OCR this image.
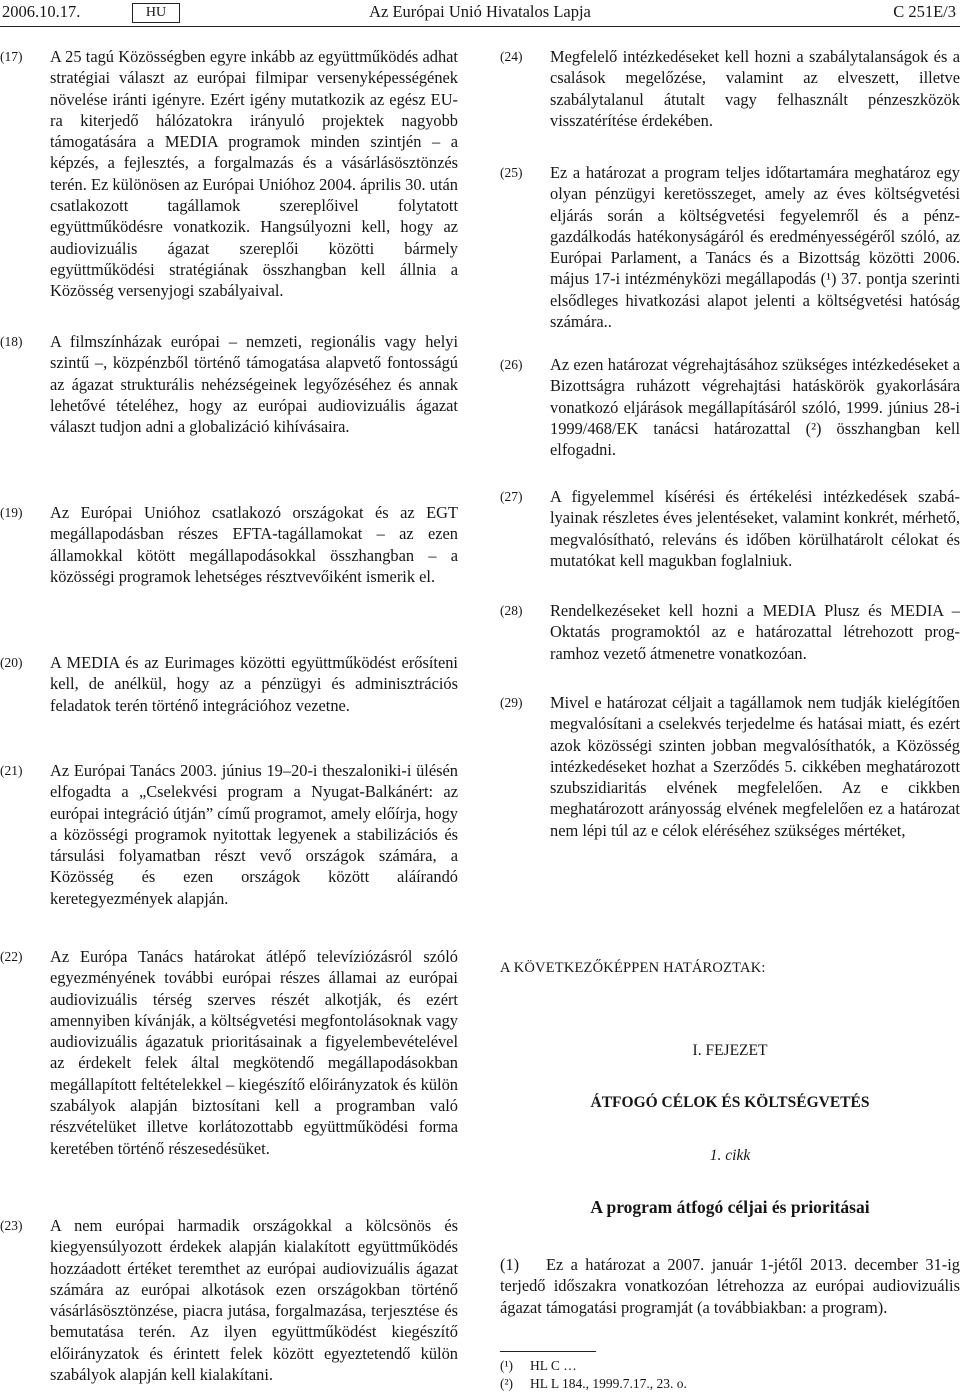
2006.10.17.	HU	Az Európai Unió Hivatalos Lapja	C 251E/3
(17)	A 25 tagú Közösségben egyre inkább az együttműködés adhat stratégiai választ az európai filmipar versenyképességének növelése iránti igényre. Ezért igény mutatkozik az egész EU-ra kiterjedő hálózatokra irányuló projektek nagyobb támogatására a MEDIA programok minden szintjén – a képzés, a fejlesztés, a forgalmazás és a vásárlásösztönzés terén. Ez különösen az Európai Unióhoz 2004. április 30. után csatlakozott tagállamok szereplőivel folytatott együttműködésre vonatkozik. Hangsúlyozni kell, hogy az audiovizuális ágazat szereplői közötti bármely együttműködési stratégiának összhangban kell állnia a Közösség versenyjogi szabályaival.
(18)	A filmszínházak európai – nemzeti, regionális vagy helyi szintű –, közpénzből történő támogatása alapvető fontosságú az ágazat strukturális nehézségeinek legyőzéséhez és annak lehetővé tételéhez, hogy az európai audiovizuális ágazat választ tudjon adni a globalizáció kihívásaira.
(19)	Az Európai Unióhoz csatlakozó országokat és az EGT megállapodásban részes EFTA-tagállamokat – az ezen államokkal kötött megállapodásokkal összhangban – a közösségi programok lehetséges résztvevőiként ismerik el.
(20)	A MEDIA és az Eurimages közötti együttműködést erősíteni kell, de anélkül, hogy az a pénzügyi és adminisztrációs feladatok terén történő integrációhoz vezetne.
(21)	Az Európai Tanács 2003. június 19–20-i theszaloniki-i ülésén elfogadta a „Cselekvési program a Nyugat-Balkánért: az európai integráció útján” című programot, amely előírja, hogy a közösségi programok nyitottak legyenek a stabilizációs és társulási folyamatban részt vevő országok számára, a Közösség és ezen országok között aláírandó keretegyezmények alapján.
(22)	Az Európa Tanács határokat átlépő televíziózásról szóló egyezményének további európai részes államai az európai audiovizuális térség szerves részét alkotják, és ezért amennyiben kívánják, a költségvetési megfontolásoknak vagy audiovizuális ágazatuk prioritásainak a figyelembevételével az érdekelt felek által megkötendő megállapodásokban megállapított feltételekkel – kiegészítő előirányzatok és külön szabályok alapján biztosítani kell a programban való részvételüket illetve korlátozottabb együttműködési forma keretében történő részesedésüket.
(23)	A nem európai harmadik országokkal a kölcsönös és kiegyensúlyozott érdekek alapján kialakított együttműködés hozzáadott értéket teremthet az európai audiovizuális ágazat számára az európai alkotások ezen országokban történő vásárlásösztönzése, piacra jutása, forgalmazása, terjesztése és bemutatása terén. Az ilyen együttműködést kiegészítő előirányzatok és érintett felek között egyeztetendő külön szabályok alapján kell kialakítani.
(24)	Megfelelő intézkedéseket kell hozni a szabálytalanságok és a csalások megelőzése, valamint az elveszett, illetve szabálytalanul átutalt vagy felhasznált pénzeszközök visszatérítése érdekében.
(25)	Ez a határozat a program teljes időtartamára meghatároz egy olyan pénzügyi keretösszeget, amely az éves költségvetési eljárás során a költségvetési fegyelemről és a pénzgazdálkodás hatékonyságáról és eredményességéről szóló, az Európai Parlament, a Tanács és a Bizottság közötti 2006. május 17-i intézményközi megállapodás (¹) 37. pontja szerinti elsődleges hivatkozási alapot jelenti a költségvetési hatóság számára..
(26)	Az ezen határozat végrehajtásához szükséges intézkedéseket a Bizottságra ruházott végrehajtási hatáskörök gyakorlására vonatkozó eljárások megállapításáról szóló, 1999. június 28-i 1999/468/EK tanácsi határozattal (²) összhangban kell elfogadni.
(27)	A figyelemmel kísérési és értékelési intézkedések szabályainak részletes éves jelentéseket, valamint konkrét, mérhető, megvalósítható, releváns és időben körülhatárolt célokat és mutatókat kell magukban foglalniuk.
(28)	Rendelkezéseket kell hozni a MEDIA Plusz és MEDIA – Oktatás programoktól az e határozattal létrehozott programhoz vezető átmenetre vonatkozóan.
(29)	Mivel e határozat céljait a tagállamok nem tudják kielégítően megvalósítani a cselekvés terjedelme és hatásai miatt, és ezért azok közösségi szinten jobban megvalósíthatók, a Közösség intézkedéseket hozhat a Szerződés 5. cikkében meghatározott szubszidiaritás elvének megfelelően. Az e cikkben meghatározott arányosság elvének megfelelően ez a határozat nem lépi túl az e célok eléréséhez szükséges mértéket,
A KÖVETKEZŐKÉPPEN HATÁROZTAK:
I. FEJEZET
ÁTFOGÓ CÉLOK ÉS KÖLTSÉGVETÉS
1. cikk
A program átfogó céljai és prioritásai
(1) Ez a határozat a 2007. január 1-jétől 2013. december 31-ig terjedő időszakra vonatkozóan létrehozza az európai audiovizuális ágazat támogatási programját (a továbbiakban: a program).
(¹)	HL C …
(²)	HL L 184., 1999.7.17., 23. o.
